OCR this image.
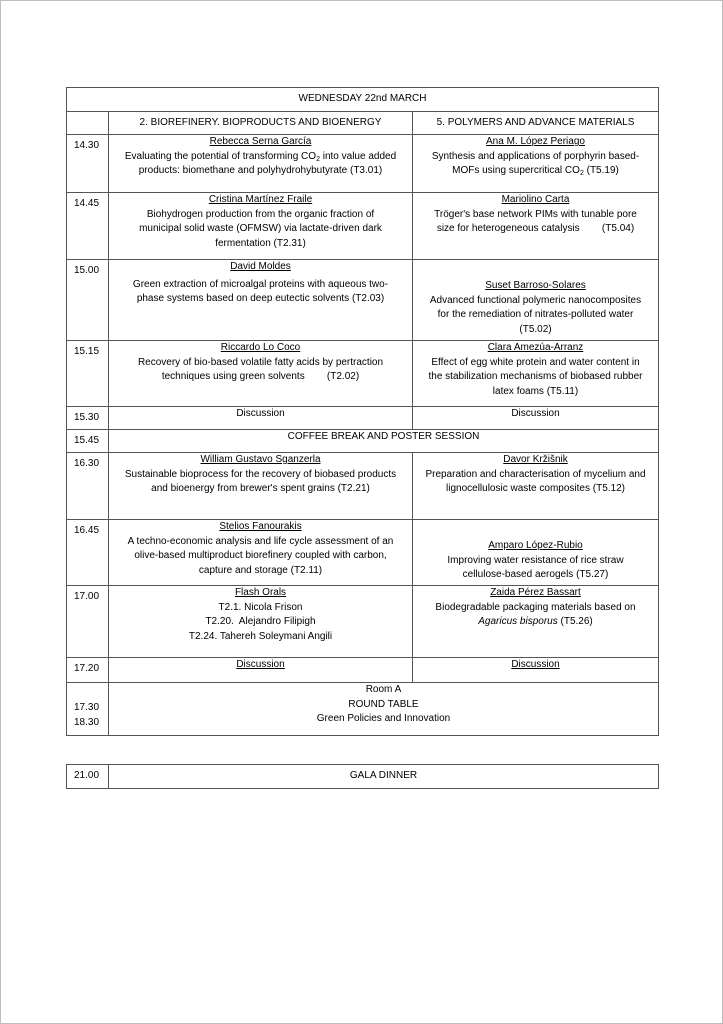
WEDNESDAY 22nd MARCH		
	2. BIOREFINERY. BIOPRODUCTS AND BIOENERGY	5. POLYMERS AND ADVANCE MATERIALS
14.30	Rebecca Serna García
Evaluating the potential of transforming $CO_2$ into value added
products: biomethane and polyhydrohybutyrate (T3.01)	Ana M. López Periago
Synthesis and applications of porphyrin based-
MOFs using supercritical $CO_2$ (T5.19)

14.45	Cristina Martínez Fraile
Biohydrogen production from the organic fraction of
municipal solid waste (OFMSW) via lactate-driven dark
fermentation (T2.31)	Mariolino Carta
Tröger's base network PIMs with tunable pore
size for heterogeneous catalysis        (T5.04)

15.00	David Moldes
Green extraction of microalgal proteins with aqueous two-
phase systems based on deep eutectic solvents (T2.03)	Suset Barroso-Solares
Advanced functional polymeric nanocomposites
for the remediation of nitrates-polluted water
(T5.02)

15.15	Riccardo Lo Coco
Recovery of bio-based volatile fatty acids by pertraction
techniques using green solvents        (T2.02)	Clara Amezúa-Arranz
Effect of egg white protein and water content in
the stabilization mechanisms of biobased rubber
latex foams (T5.11)

15.30	Discussion	Discussion
15.45	COFFEE BREAK AND POSTER SESSION	
16.30	William Gustavo Sganzerla
Sustainable bioprocess for the recovery of biobased products
and bioenergy from brewer's spent grains (T2.21)	Davor Kržišnik
Preparation and characterisation of mycelium and
lignocellulosic waste composites (T5.12)

16.45	Stelios Fanourakis
A techno-economic analysis and life cycle assessment of an
olive-based multiproduct biorefinery coupled with carbon,
capture and storage (T2.11)	Amparo López-Rubio
Improving water resistance of rice straw
cellulose-based aerogels (T5.27)

17.00	Flash Orals
T2.1. Nicola Frison
T2.20.  Alejandro Filipigh
T2.24. Tahereh Soleymani Angili	Zaida Pérez Bassart
Biodegradable packaging materials based on
Agaricus bisporus (T5.26)

17.20	Discussion	Discussion

17.30
18.30	Room A
ROUND TABLE
Green Policies and Innovation	
21.00	GALA DINNER
